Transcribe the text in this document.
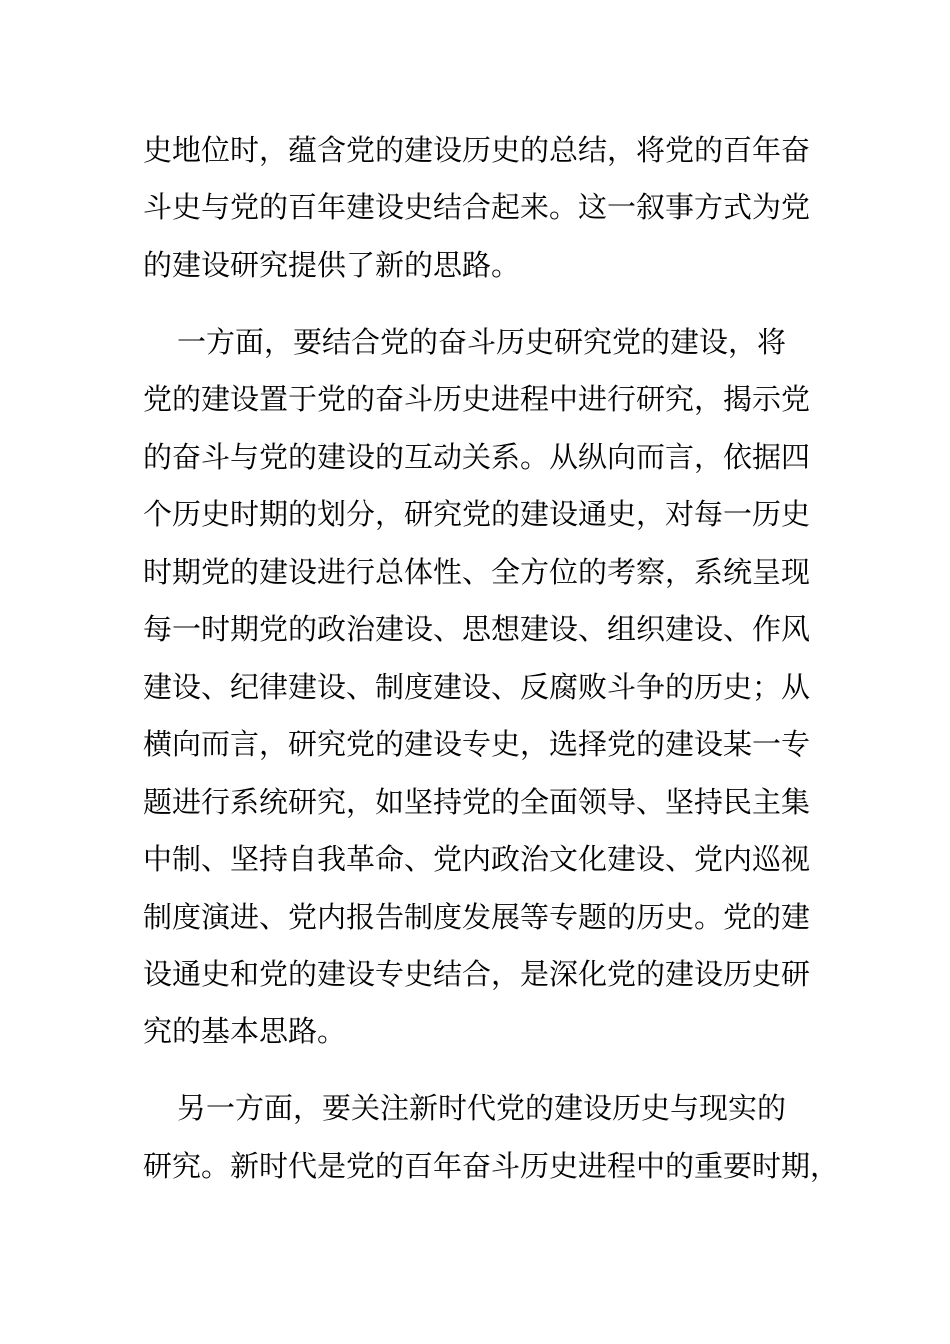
史地位时，蕴含党的建设历史的总结，将党的百年奋
斗史与党的百年建设史结合起来。这一叙事方式为党
的建设研究提供了新的思路。
一方面，要结合党的奋斗历史研究党的建设，将
党的建设置于党的奋斗历史进程中进行研究，揭示党
的奋斗与党的建设的互动关系。从纵向而言，依据四
个历史时期的划分，研究党的建设通史，对每一历史
时期党的建设进行总体性、全方位的考察，系统呈现
每一时期党的政治建设、思想建设、组织建设、作风
建设、纪律建设、制度建设、反腐败斗争的历史；从
横向而言，研究党的建设专史，选择党的建设某一专
题进行系统研究，如坚持党的全面领导、坚持民主集
中制、坚持自我革命、党内政治文化建设、党内巡视
制度演进、党内报告制度发展等专题的历史。党的建
设通史和党的建设专史结合，是深化党的建设历史研
究的基本思路。
另一方面，要关注新时代党的建设历史与现实的
研究。新时代是党的百年奋斗历史进程中的重要时期，
